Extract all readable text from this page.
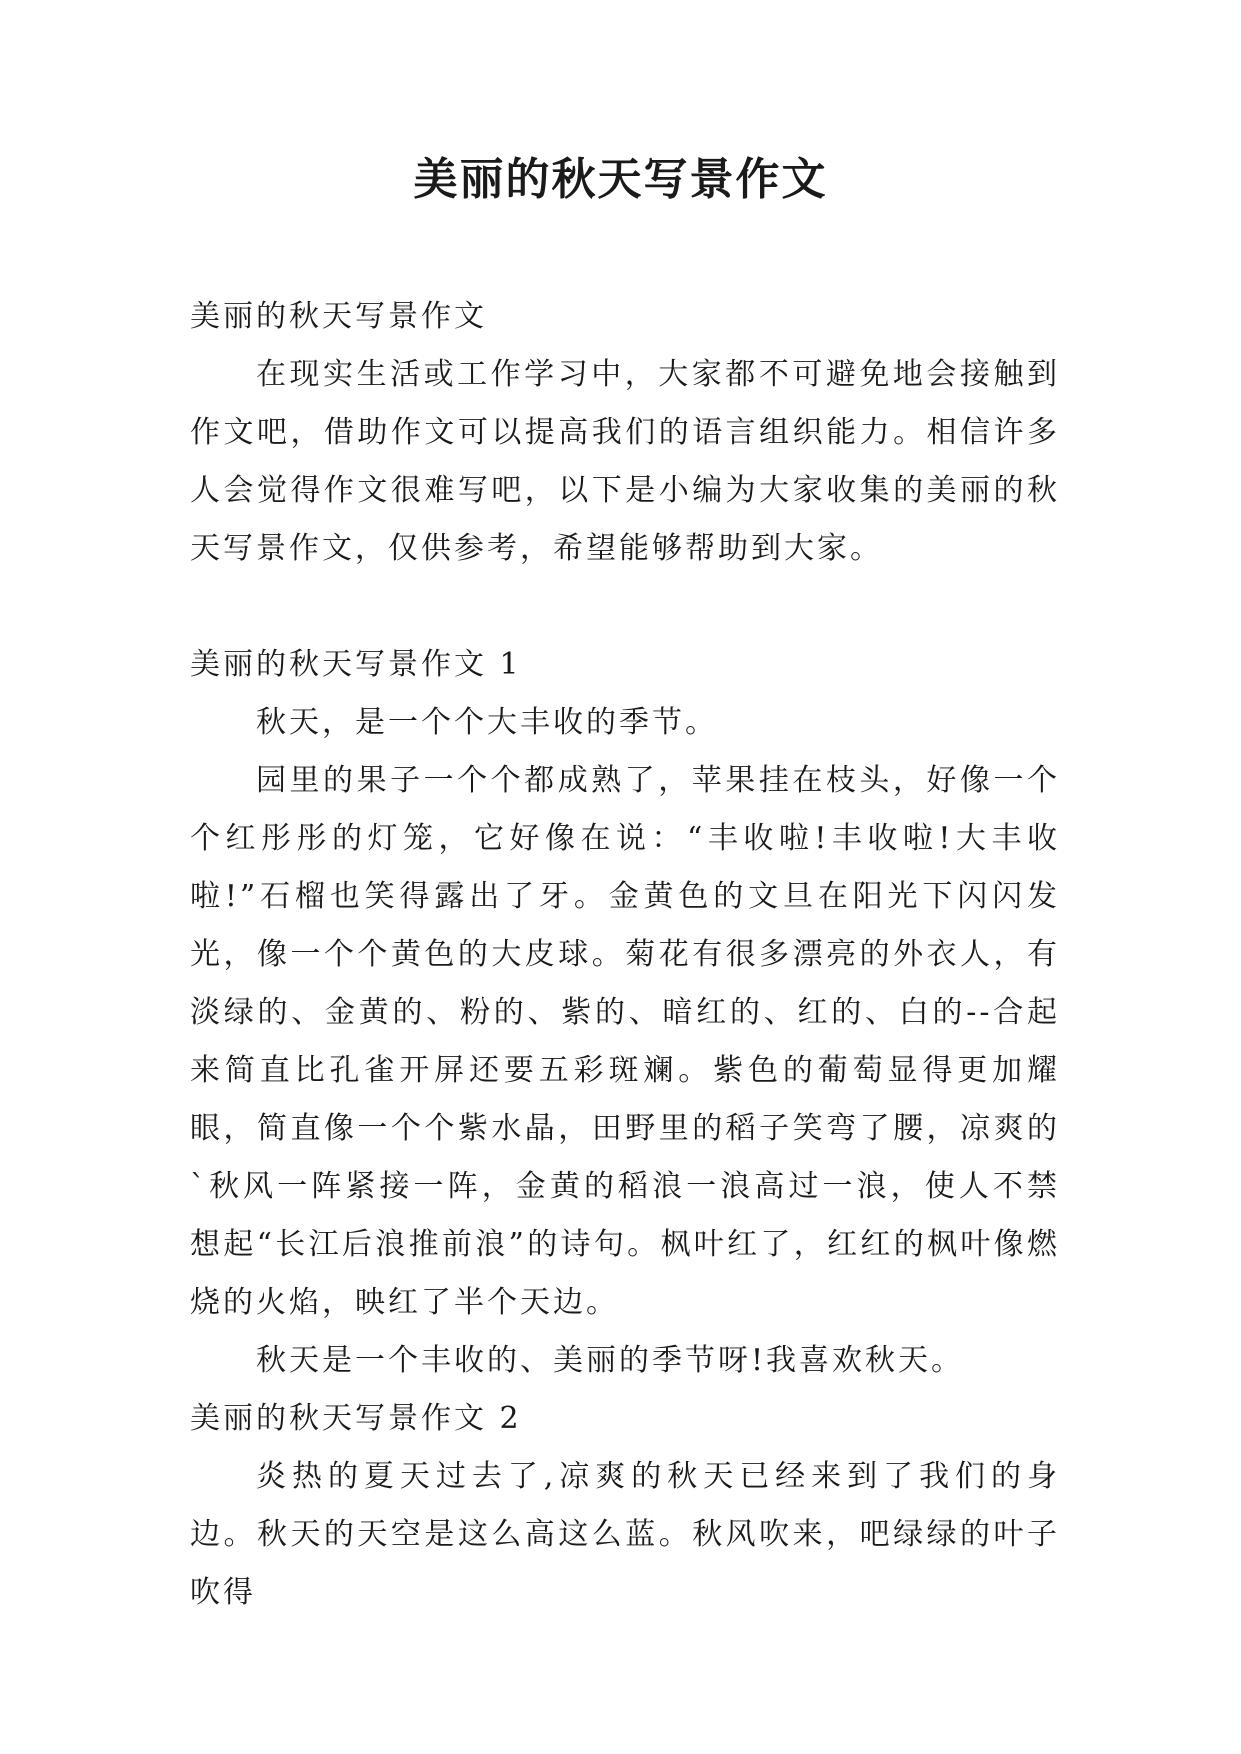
美丽的秋天写景作文

美丽的秋天写景作文

在现实生活或工作学习中，大家都不可避免地会接触到作文吧，借助作文可以提高我们的语言组织能力。相信许多人会觉得作文很难写吧，以下是小编为大家收集的美丽的秋天写景作文，仅供参考，希望能够帮助到大家。

美丽的秋天写景作文 1

秋天，是一个个大丰收的季节。

园里的果子一个个都成熟了，苹果挂在枝头，好像一个个红彤彤的灯笼，它好像在说：“丰收啦!丰收啦!大丰收啦!”石榴也笑得露出了牙。金黄色的文旦在阳光下闪闪发光，像一个个黄色的大皮球。菊花有很多漂亮的外衣人，有淡绿的、金黄的、粉的、紫的、暗红的、红的、白的--合起来简直比孔雀开屏还要五彩斑斓。紫色的葡萄显得更加耀眼，简直像一个个紫水晶，田野里的稻子笑弯了腰，凉爽的`秋风一阵紧接一阵，金黄的稻浪一浪高过一浪，使人不禁想起“长江后浪推前浪”的诗句。枫叶红了，红红的枫叶像燃烧的火焰，映红了半个天边。

秋天是一个丰收的、美丽的季节呀!我喜欢秋天。

美丽的秋天写景作文 2

炎热的夏天过去了,凉爽的秋天已经来到了我们的身边。秋天的天空是这么高这么蓝。秋风吹来，吧绿绿的叶子吹得
